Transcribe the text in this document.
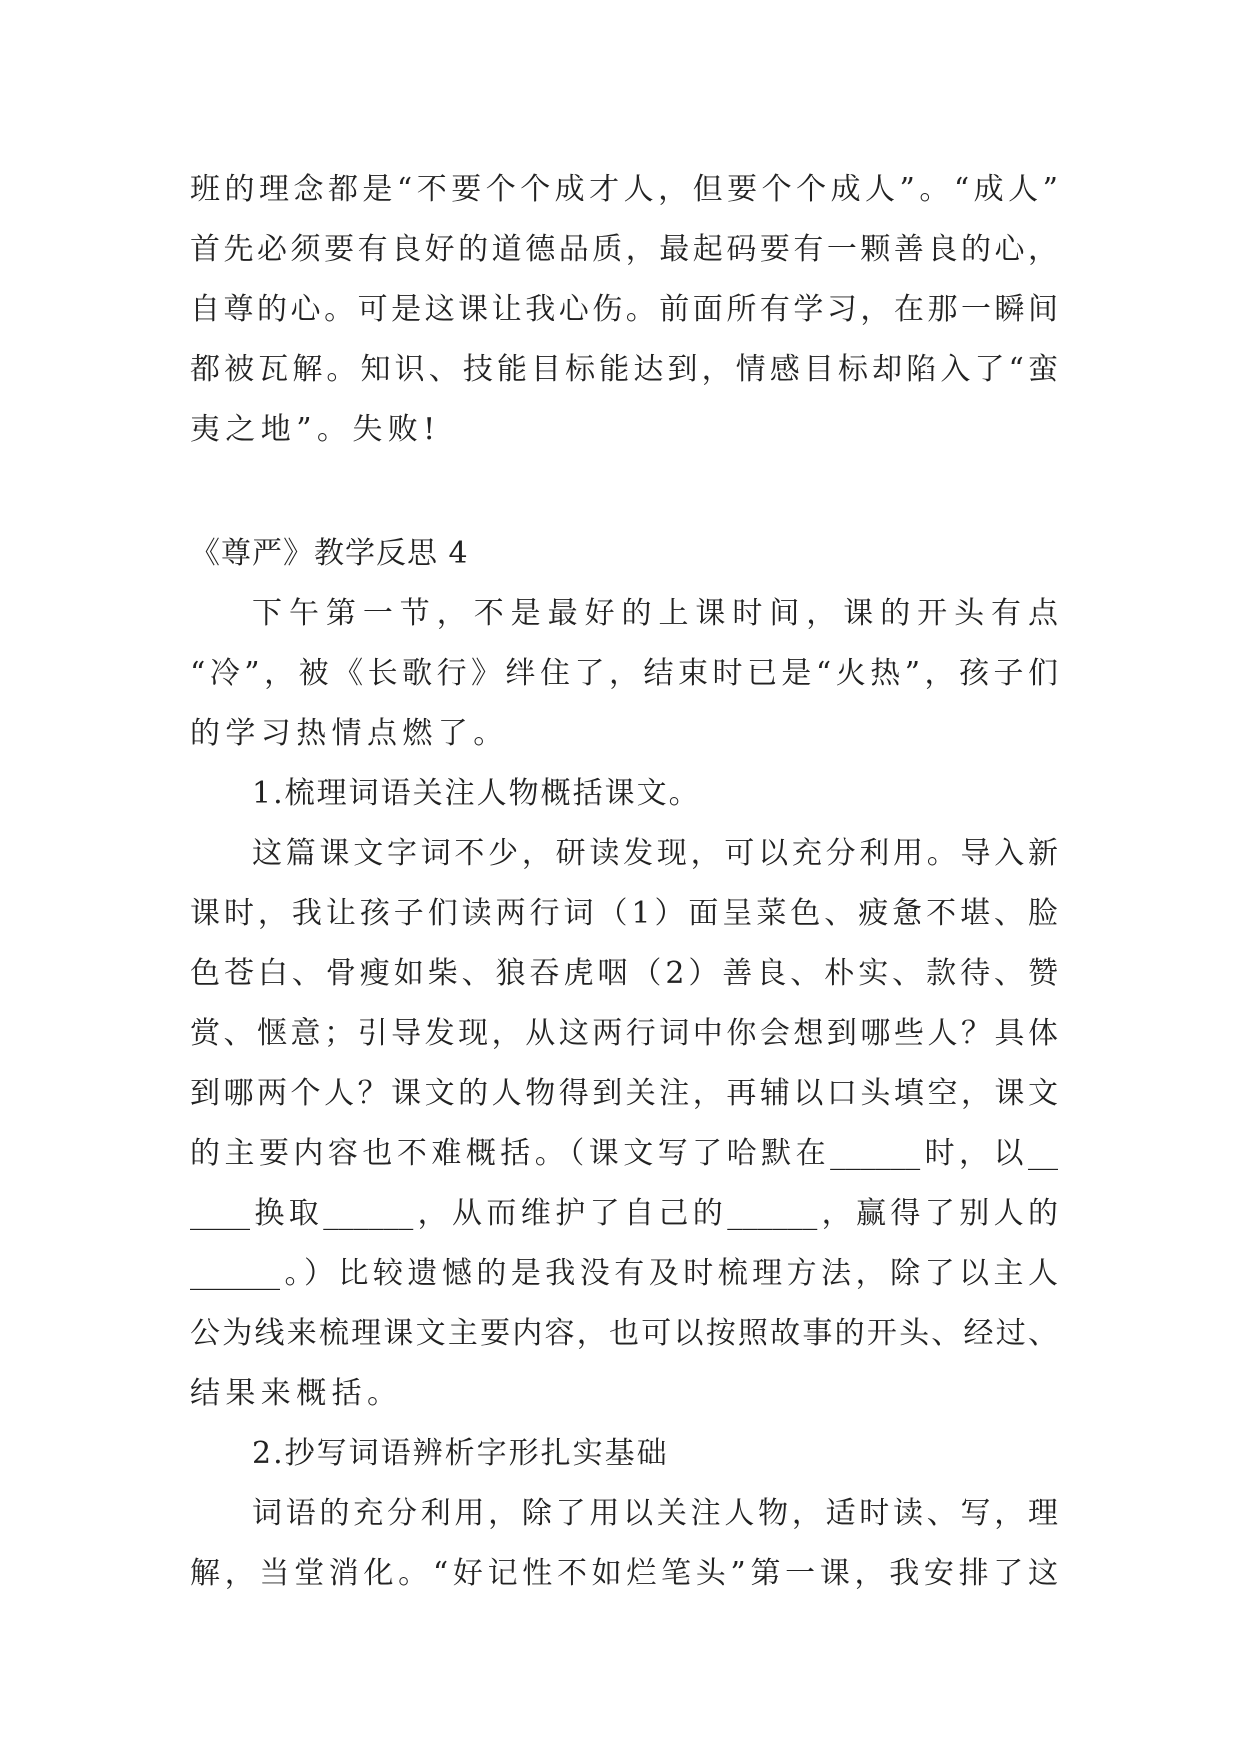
班的理念都是“不要个个成才人，但要个个成人”。“成人”
首先必须要有良好的道德品质，最起码要有一颗善良的心，
自尊的心。可是这课让我心伤。前面所有学习，在那一瞬间
都被瓦解。知识、技能目标能达到，情感目标却陷入了“蛮
夷之地”。失败!
《尊严》教学反思 4
下午第一节，不是最好的上课时间，课的开头有点
“冷”，被《长歌行》绊住了，结束时已是“火热”，孩子们
的学习热情点燃了。
1.梳理词语关注人物概括课文。
这篇课文字词不少，研读发现，可以充分利用。导入新
课时，我让孩子们读两行词（1）面呈菜色、疲惫不堪、脸
色苍白、骨瘦如柴、狼吞虎咽（2）善良、朴实、款待、赞
赏、惬意；引导发现，从这两行词中你会想到哪些人？具体
到哪两个人？课文的人物得到关注，再辅以口头填空，课文
的主要内容也不难概括。（课文写了哈默在______时，以__
____换取______，从而维护了自己的______，赢得了别人的
______。）比较遗憾的是我没有及时梳理方法，除了以主人
公为线来梳理课文主要内容，也可以按照故事的开头、经过、
结果来概括。
2.抄写词语辨析字形扎实基础
词语的充分利用，除了用以关注人物，适时读、写，理
解，当堂消化。“好记性不如烂笔头”第一课，我安排了这
